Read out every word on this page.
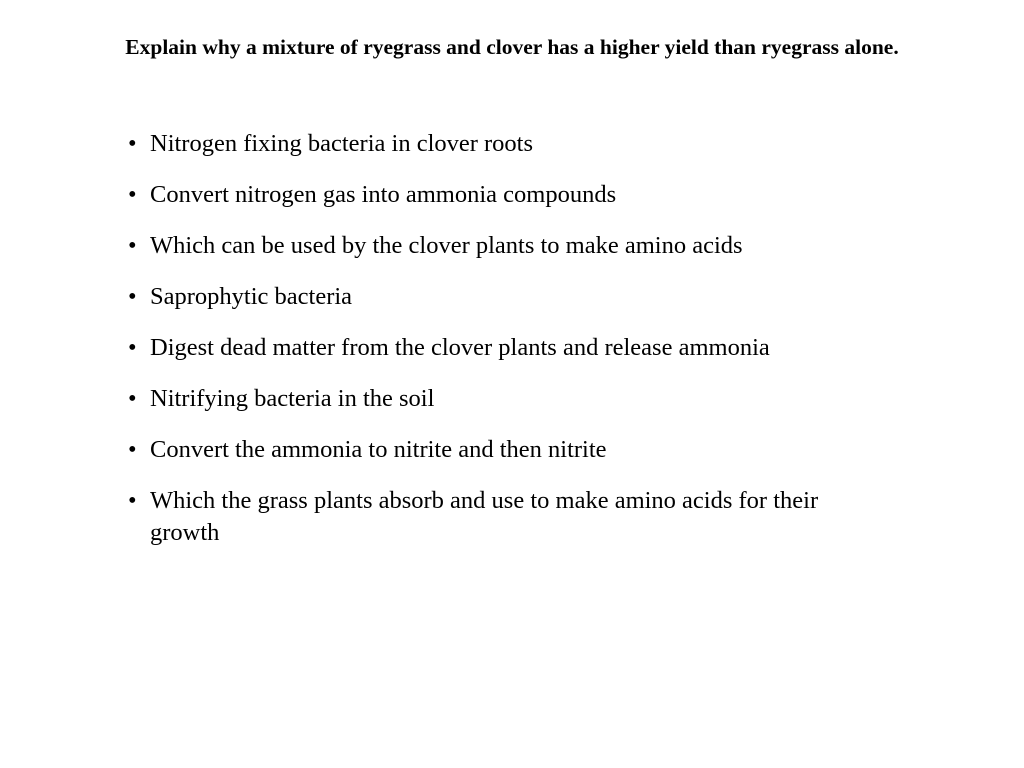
Explain why a mixture of ryegrass and clover has a higher yield than ryegrass alone.
• Nitrogen fixing bacteria in clover roots
• Convert nitrogen gas into ammonia compounds
• Which can be used by the clover plants to make amino acids
• Saprophytic bacteria
• Digest dead matter from the clover plants and release ammonia
• Nitrifying bacteria in the soil
• Convert the ammonia to nitrite and then nitrite
• Which the grass plants absorb and use to make amino acids for their growth
